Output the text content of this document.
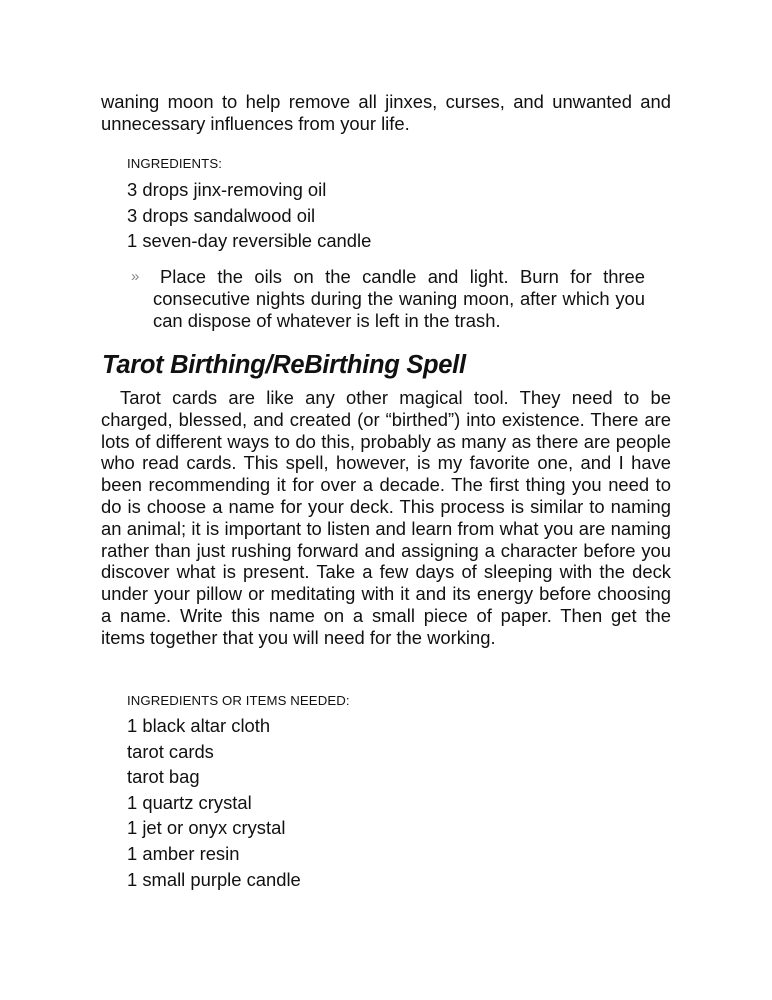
waning moon to help remove all jinxes, curses, and unwanted and unnecessary influences from your life.

INGREDIENTS:

3 drops jinx-removing oil
3 drops sandalwood oil
1 seven-day reversible candle
»	Place the oils on the candle and light. Burn for three consecutive nights during the waning moon, after which you can dispose of whatever is left in the trash.

Tarot Birthing/ReBirthing Spell

Tarot cards are like any other magical tool. They need to be charged, blessed, and created (or “birthed”) into existence. There are lots of different ways to do this, probably as many as there are people who read cards. This spell, however, is my favorite one, and I have been recommending it for over a decade. The first thing you need to do is choose a name for your deck. This process is similar to naming an animal; it is important to listen and learn from what you are naming rather than just rushing forward and assigning a character before you discover what is present. Take a few days of sleeping with the deck under your pillow or meditating with it and its energy before choosing a name. Write this name on a small piece of paper. Then get the items together that you will need for the working.

INGREDIENTS OR ITEMS NEEDED:

1 black altar cloth
tarot cards
tarot bag
1 quartz crystal
1 jet or onyx crystal
1 amber resin
1 small purple candle
